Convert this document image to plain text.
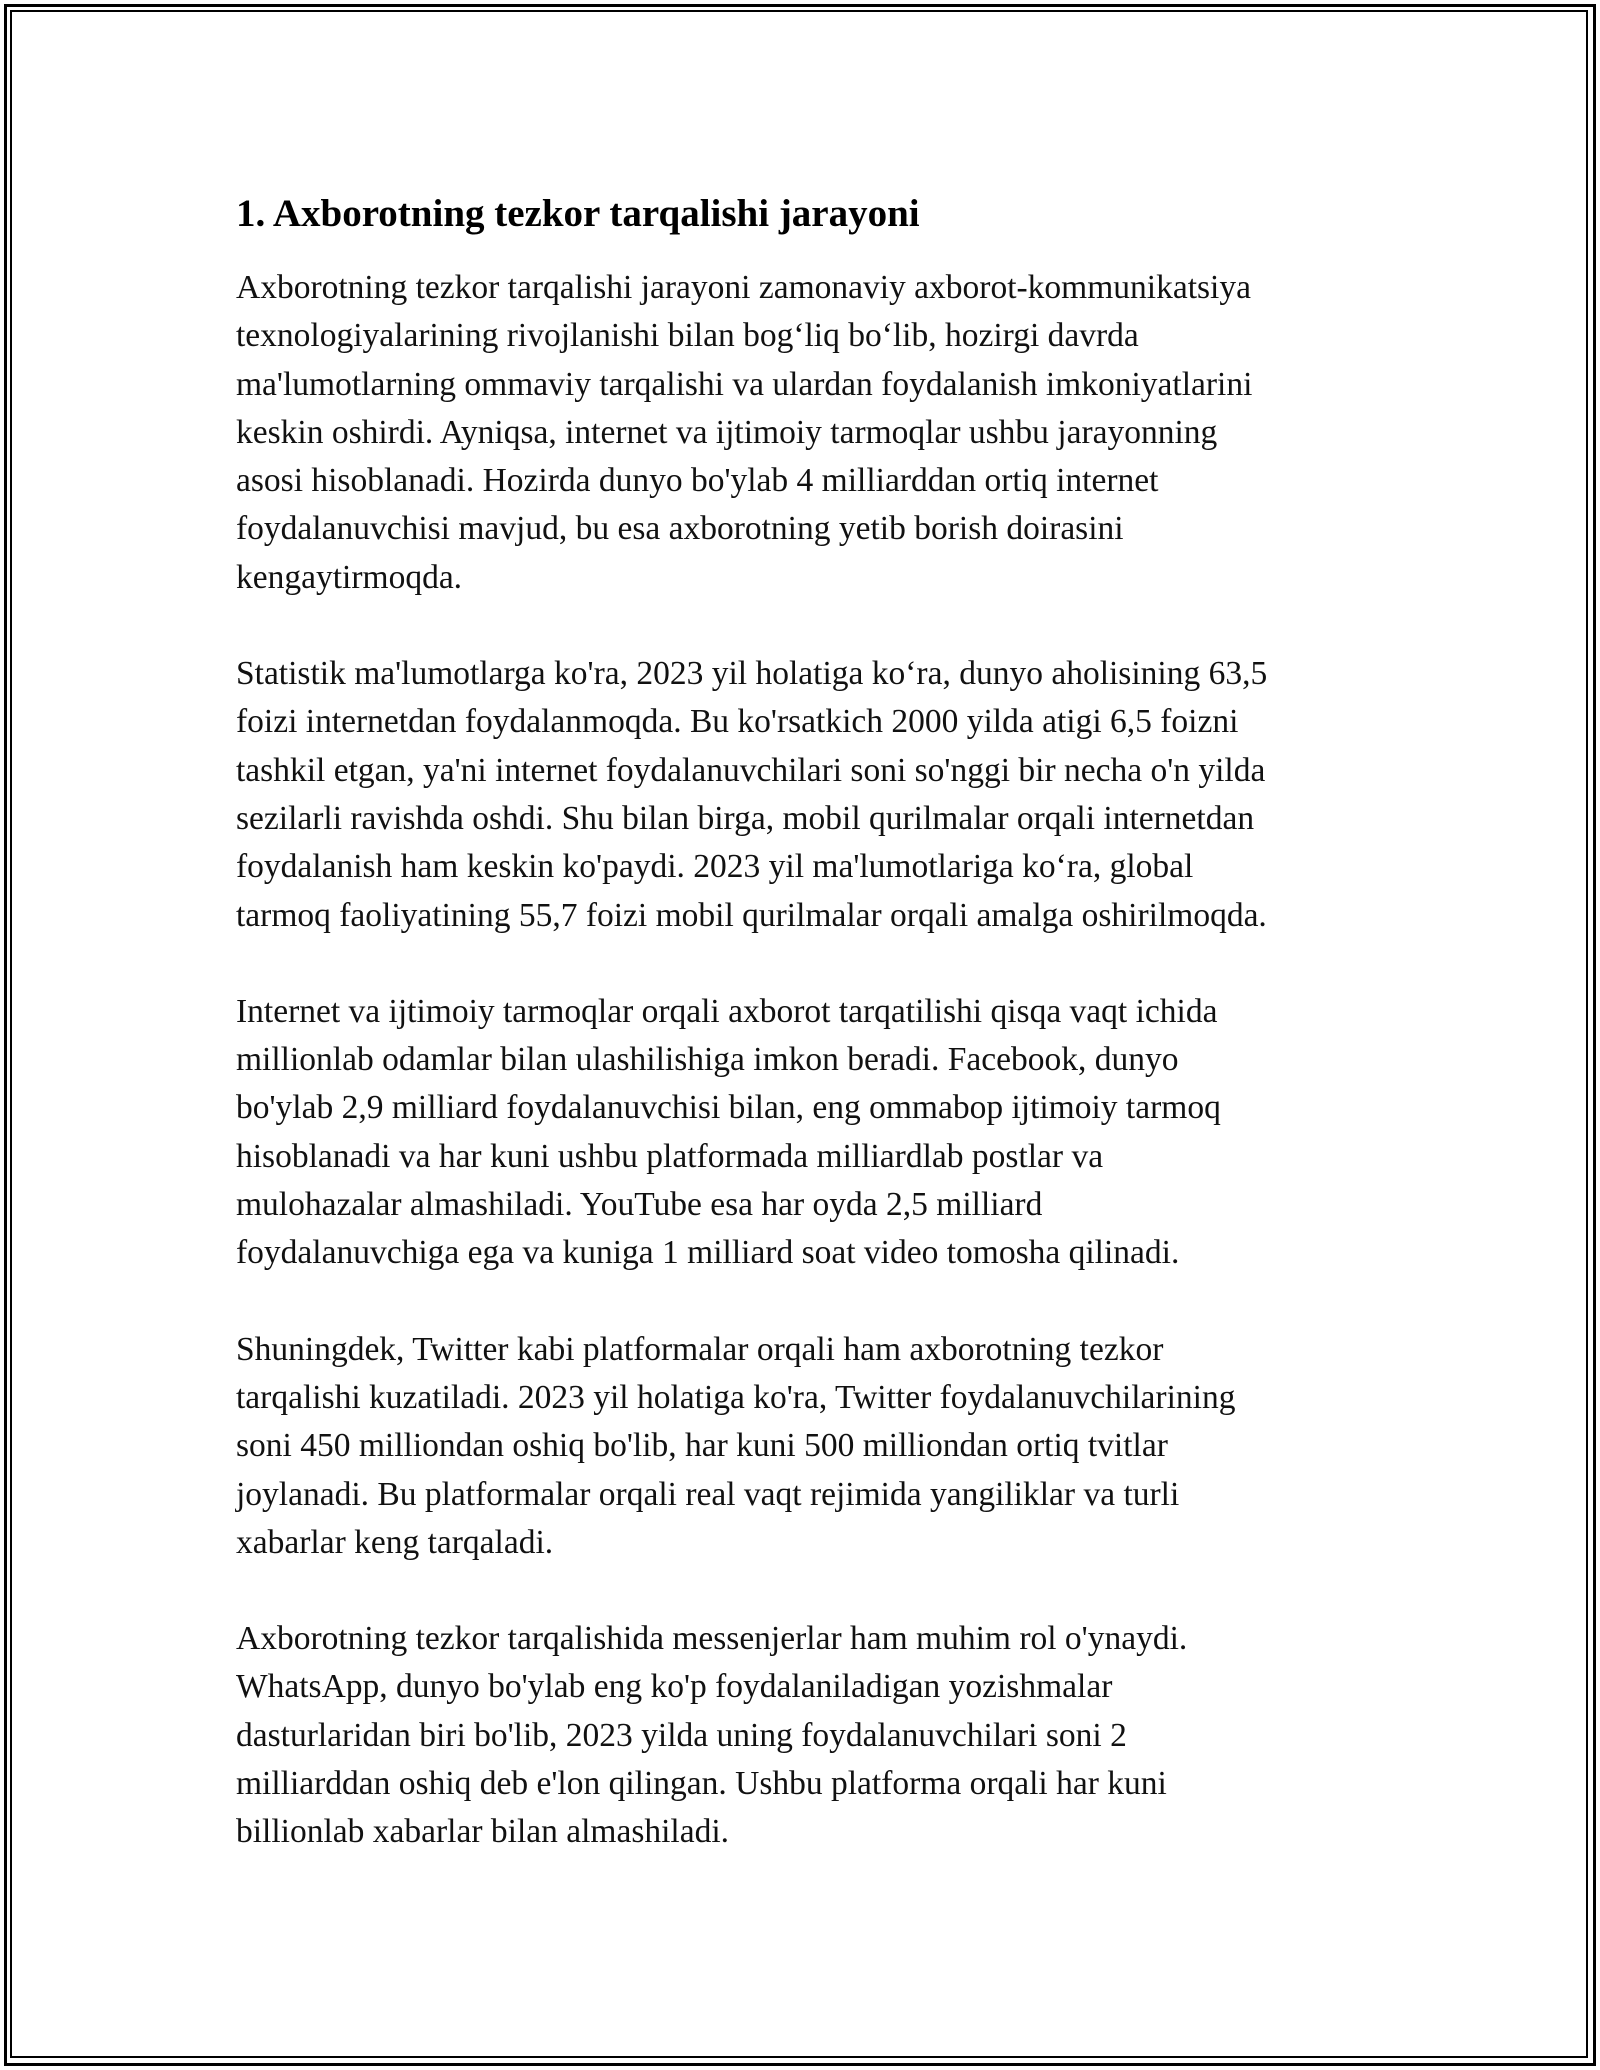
1. Axborotning tezkor tarqalishi jarayoni

Axborotning tezkor tarqalishi jarayoni zamonaviy axborot-kommunikatsiya
texnologiyalarining rivojlanishi bilan bog‘liq bo‘lib, hozirgi davrda
ma'lumotlarning ommaviy tarqalishi va ulardan foydalanish imkoniyatlarini
keskin oshirdi. Ayniqsa, internet va ijtimoiy tarmoqlar ushbu jarayonning
asosi hisoblanadi. Hozirda dunyo bo'ylab 4 milliarddan ortiq internet
foydalanuvchisi mavjud, bu esa axborotning yetib borish doirasini
kengaytirmoqda.

Statistik ma'lumotlarga ko'ra, 2023 yil holatiga ko‘ra, dunyo aholisining 63,5
foizi internetdan foydalanmoqda. Bu ko'rsatkich 2000 yilda atigi 6,5 foizni
tashkil etgan, ya'ni internet foydalanuvchilari soni so'nggi bir necha o'n yilda
sezilarli ravishda oshdi. Shu bilan birga, mobil qurilmalar orqali internetdan
foydalanish ham keskin ko'paydi. 2023 yil ma'lumotlariga ko‘ra, global
tarmoq faoliyatining 55,7 foizi mobil qurilmalar orqali amalga oshirilmoqda.

Internet va ijtimoiy tarmoqlar orqali axborot tarqatilishi qisqa vaqt ichida
millionlab odamlar bilan ulashilishiga imkon beradi. Facebook, dunyo
bo'ylab 2,9 milliard foydalanuvchisi bilan, eng ommabop ijtimoiy tarmoq
hisoblanadi va har kuni ushbu platformada milliardlab postlar va
mulohazalar almashiladi. YouTube esa har oyda 2,5 milliard
foydalanuvchiga ega va kuniga 1 milliard soat video tomosha qilinadi.

Shuningdek, Twitter kabi platformalar orqali ham axborotning tezkor
tarqalishi kuzatiladi. 2023 yil holatiga ko'ra, Twitter foydalanuvchilarining
soni 450 milliondan oshiq bo'lib, har kuni 500 milliondan ortiq tvitlar
joylanadi. Bu platformalar orqali real vaqt rejimida yangiliklar va turli
xabarlar keng tarqaladi.

Axborotning tezkor tarqalishida messenjerlar ham muhim rol o'ynaydi.
WhatsApp, dunyo bo'ylab eng ko'p foydalaniladigan yozishmalar
dasturlaridan biri bo'lib, 2023 yilda uning foydalanuvchilari soni 2
milliarddan oshiq deb e'lon qilingan. Ushbu platforma orqali har kuni
billionlab xabarlar bilan almashiladi.
